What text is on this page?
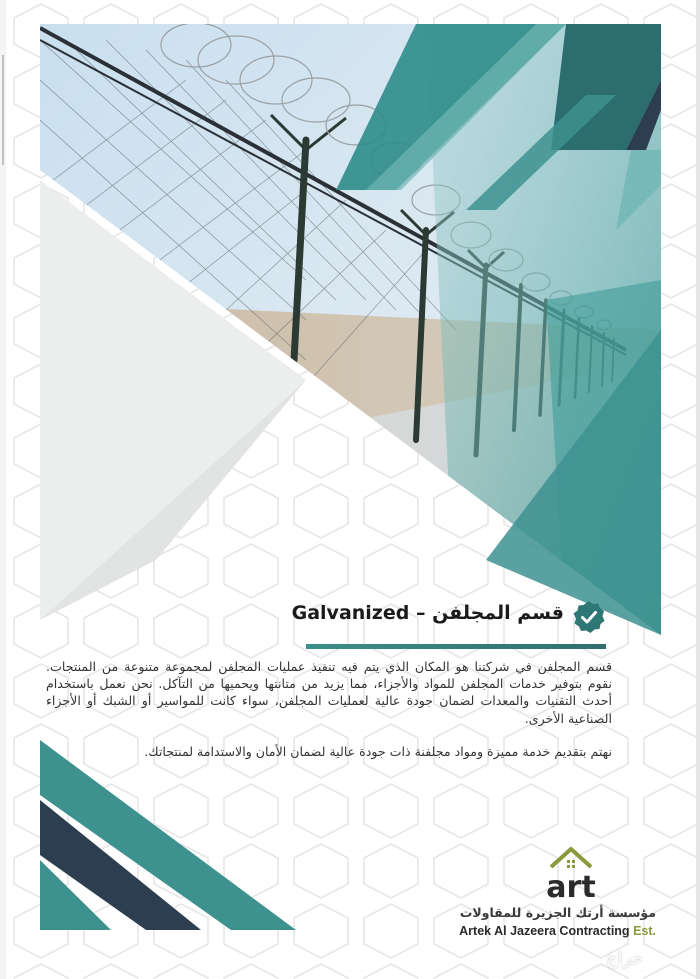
قسم المجلفن – Galvanized

قسم المجلفن في شركتنا هو المكان الذي يتم فيه تنفيذ عمليات المجلفن لمجموعة متنوعة من المنتجات. نقوم بتوفير خدمات المجلفن للمواد والأجزاء، مما يزيد من متانتها ويحميها من التآكل. نحن نعمل باستخدام أحدث التقنيات والمعدات لضمان جودة عالية لعمليات المجلفن، سواء كانت للمواسير أو الشبك أو الأجزاء الصناعية الأخرى.

نهتم بتقديم خدمة مميزة ومواد مجلفنة ذات جودة عالية لضمان الأمان والاستدامة لمنتجاتك.

art
مؤسسة أرتك الجزيرة للمقاولات
Artek Al Jazeera Contracting Est.
حراج
